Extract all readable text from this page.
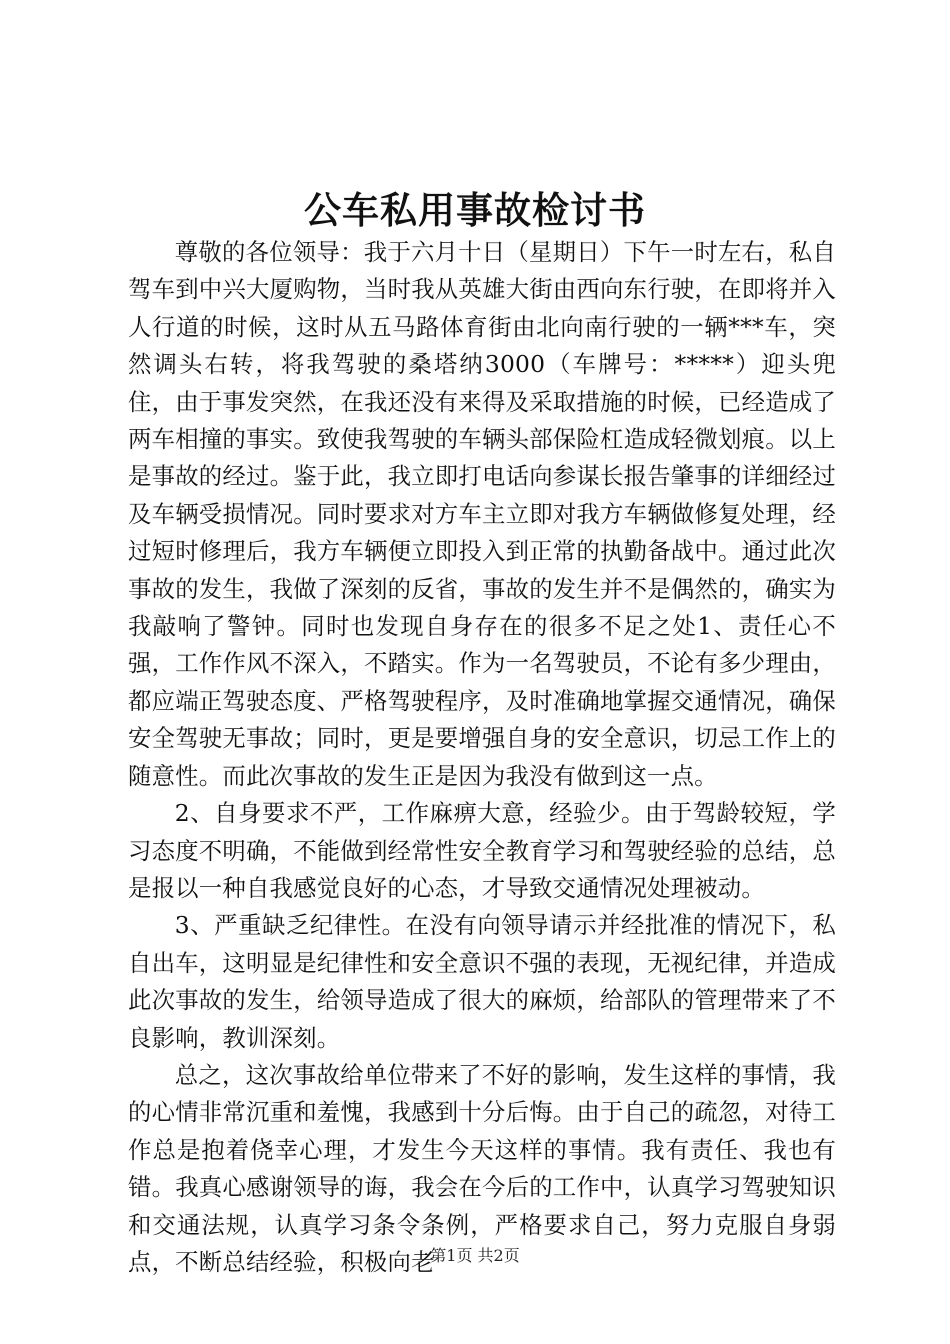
公车私用事故检讨书

尊敬的各位领导：我于六月十日（星期日）下午一时左右，私自驾车到中兴大厦购物，当时我从英雄大街由西向东行驶，在即将并入人行道的时候，这时从五马路体育街由北向南行驶的一辆***车，突然调头右转，将我驾驶的桑塔纳3000（车牌号：*****）迎头兜住，由于事发突然，在我还没有来得及采取措施的时候，已经造成了两车相撞的事实。致使我驾驶的车辆头部保险杠造成轻微划痕。以上是事故的经过。鉴于此，我立即打电话向参谋长报告肇事的详细经过及车辆受损情况。同时要求对方车主立即对我方车辆做修复处理，经过短时修理后，我方车辆便立即投入到正常的执勤备战中。通过此次事故的发生，我做了深刻的反省，事故的发生并不是偶然的，确实为我敲响了警钟。同时也发现自身存在的很多不足之处1、责任心不强，工作作风不深入，不踏实。作为一名驾驶员，不论有多少理由，都应端正驾驶态度、严格驾驶程序，及时准确地掌握交通情况，确保安全驾驶无事故；同时，更是要增强自身的安全意识，切忌工作上的随意性。而此次事故的发生正是因为我没有做到这一点。

2、自身要求不严，工作麻痹大意，经验少。由于驾龄较短，学习态度不明确，不能做到经常性安全教育学习和驾驶经验的总结，总是报以一种自我感觉良好的心态，才导致交通情况处理被动。

3、严重缺乏纪律性。在没有向领导请示并经批准的情况下，私自出车，这明显是纪律性和安全意识不强的表现，无视纪律，并造成此次事故的发生，给领导造成了很大的麻烦，给部队的管理带来了不良影响，教训深刻。

总之，这次事故给单位带来了不好的影响，发生这样的事情，我的心情非常沉重和羞愧，我感到十分后悔。由于自己的疏忽，对待工作总是抱着侥幸心理，才发生今天这样的事情。我有责任、我也有错。我真心感谢领导的诲，我会在今后的工作中，认真学习驾驶知识和交通法规，认真学习条令条例，严格要求自己，努力克服自身弱点，不断总结经验，积极向老

第1页 共2页
